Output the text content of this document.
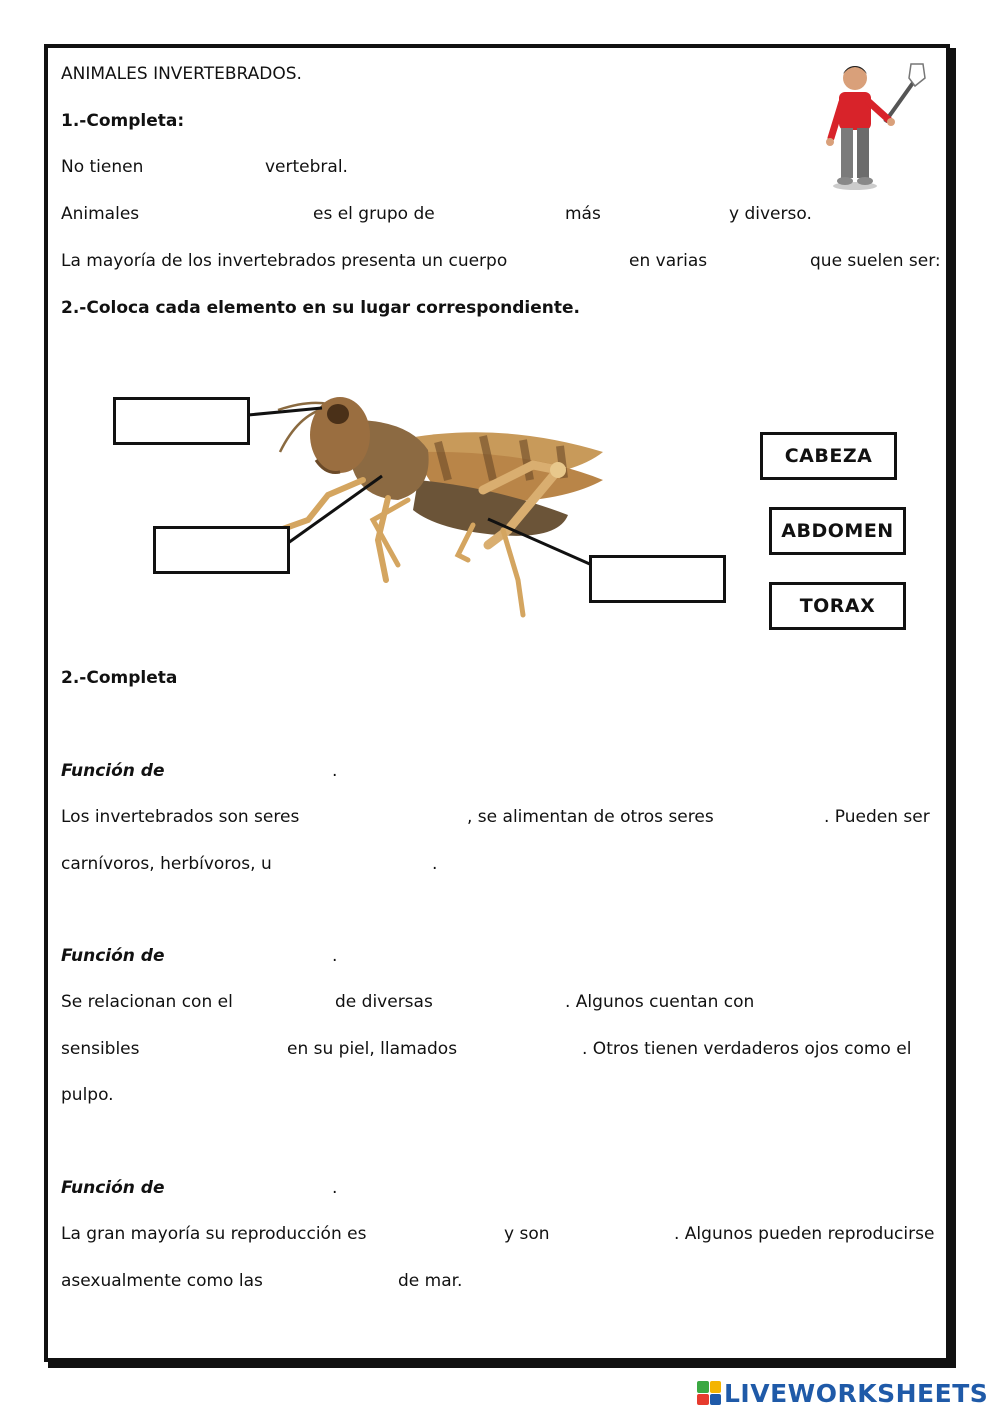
ANIMALES INVERTEBRADOS.
1.-Completa:
No tienen	vertebral.
Animales	es el grupo de	más	y diverso.
La mayoría de los invertebrados presenta un cuerpo	en varias	que suelen ser:
2.-Coloca cada elemento en su lugar correspondiente.
CABEZA
ABDOMEN
TORAX
2.-Completa
Función de	.
Los invertebrados son seres	, se alimentan de otros seres	. Pueden ser
carnívoros, herbívoros, u	.
Función de	.
Se relacionan con el	de diversas	. Algunos cuentan con
sensibles	en su piel, llamados	. Otros tienen verdaderos ojos como el
pulpo.
Función de	.
La gran mayoría su reproducción es	y son	. Algunos pueden reproducirse
asexualmente como las	de mar.
LIVEWORKSHEETS
